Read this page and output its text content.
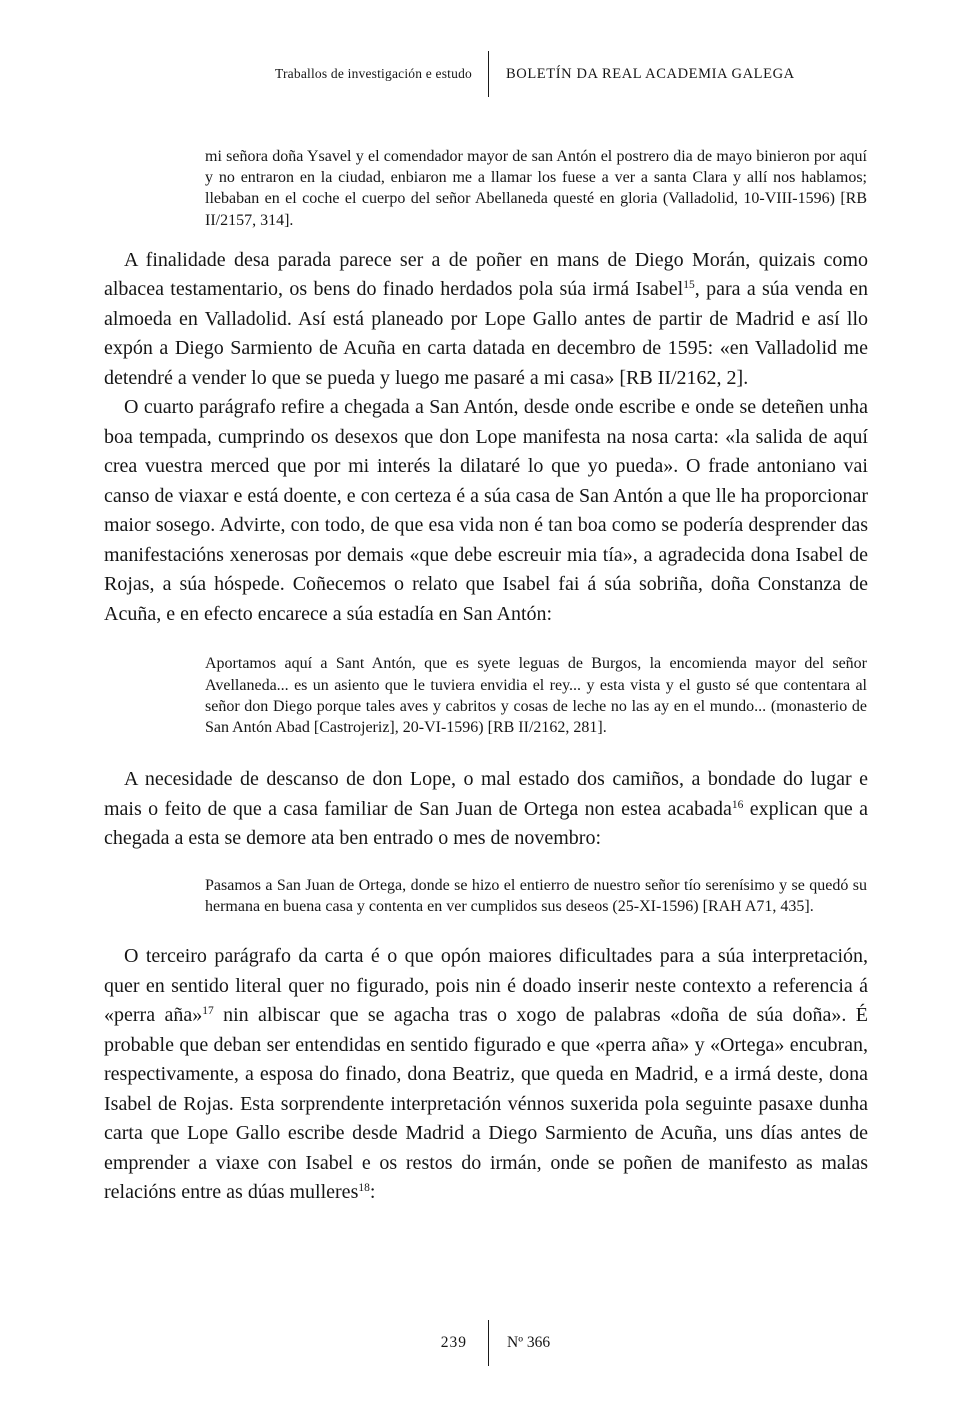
Traballos de investigación e estudo	BOLETÍN DA REAL ACADEMIA GALEGA
mi señora doña Ysavel y el comendador mayor de san Antón el postrero dia de mayo binieron por aquí y no entraron en la ciudad, enbiaron me a llamar los fuese a ver a santa Clara y allí nos hablamos; llebaban en el coche el cuerpo del señor Abellaneda questé en gloria (Valladolid, 10-VIII-1596) [RB II/2157, 314].

A finalidade desa parada parece ser a de poñer en mans de Diego Morán, quizais como albacea testamentario, os bens do finado herdados pola súa irmá Isabel$^{15}$, para a súa venda en almoeda en Valladolid. Así está planeado por Lope Gallo antes de partir de Madrid e así llo expón a Diego Sarmiento de Acuña en carta datada en decembro de 1595: «en Valladolid me detendré a vender lo que se pueda y luego me pasaré a mi casa» [RB II/2162, 2].

O cuarto parágrafo refire a chegada a San Antón, desde onde escribe e onde se deteñen unha boa tempada, cumprindo os desexos que don Lope manifesta na nosa carta: «la salida de aquí crea vuestra merced que por mi interés la dilataré lo que yo pueda». O frade antoniano vai canso de viaxar e está doente, e con certeza é a súa casa de San Antón a que lle ha proporcionar maior sosego. Advirte, con todo, de que esa vida non é tan boa como se podería desprender das manifestacións xenerosas por demais «que debe escreuir mia tía», a agradecida dona Isabel de Rojas, a súa hóspede. Coñecemos o relato que Isabel fai á súa sobriña, doña Constanza de Acuña, e en efecto encarece a súa estadía en San Antón:

Aportamos aquí a Sant Antón, que es syete leguas de Burgos, la encomienda mayor del señor Avellaneda... es un asiento que le tuviera envidia el rey... y esta vista y el gusto sé que contentara al señor don Diego porque tales aves y cabritos y cosas de leche no las ay en el mundo... (monasterio de San Antón Abad [Castrojeriz], 20-VI-1596) [RB II/2162, 281].

A necesidade de descanso de don Lope, o mal estado dos camiños, a bondade do lugar e mais o feito de que a casa familiar de San Juan de Ortega non estea acabada$^{16}$ explican que a chegada a esta se demore ata ben entrado o mes de novembro:

Pasamos a San Juan de Ortega, donde se hizo el entierro de nuestro señor tío serenísimo y se quedó su hermana en buena casa y contenta en ver cumplidos sus deseos (25-XI-1596) [RAH A71, 435].

O terceiro parágrafo da carta é o que opón maiores dificultades para a súa interpretación, quer en sentido literal quer no figurado, pois nin é doado inserir neste contexto a referencia á «perra aña»$^{17}$ nin albiscar que se agacha tras o xogo de palabras «doña de súa doña». É probable que deban ser entendidas en sentido figurado e que «perra aña» y «Ortega» encubran, respectivamente, a esposa do finado, dona Beatriz, que queda en Madrid, e a irmá deste, dona Isabel de Rojas. Esta sorprendente interpretación vénnos suxerida pola seguinte pasaxe dunha carta que Lope Gallo escribe desde Madrid a Diego Sarmiento de Acuña, uns días antes de emprender a viaxe con Isabel e os restos do irmán, onde se poñen de manifesto as malas relacións entre as dúas mulleres$^{18}$:

239	Nº 366
